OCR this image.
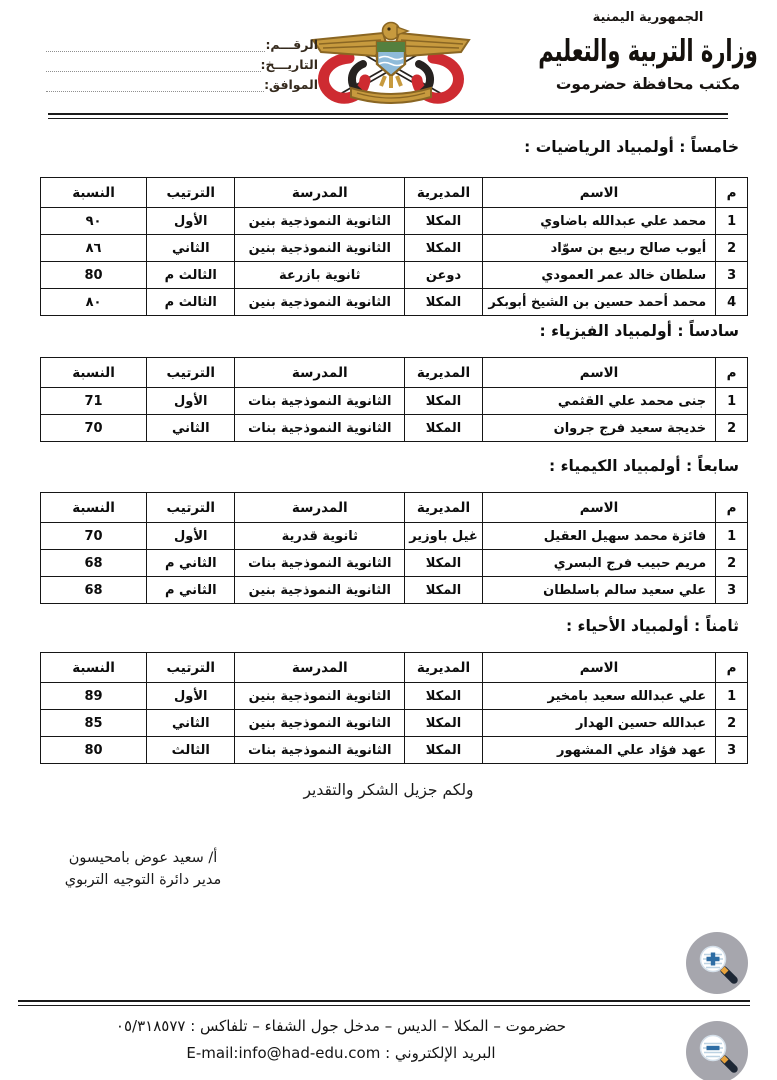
الجمهورية اليمنية
وزارة التربية والتعليم
مكتب محافظة حضرموت
الرقـــم:
التاريـــخ:
الموافق:
خامساً : أولمبياد الرياضيات :
م	الاسم	المديرية	المدرسة	الترتيب	النسبة
1	محمد علي عبدالله باضاوي	المكلا	الثانوية النموذجية بنين	الأول	٩٠
2	أيوب صالح ربيع بن سوّاد	المكلا	الثانوية النموذجية بنين	الثاني	٨٦
3	سلطان خالد عمر العمودي	دوعن	ثانوية بازرعة	الثالث م	80
4	محمد أحمد حسين بن الشيخ أبوبكر	المكلا	الثانوية النموذجية بنين	الثالث م	٨٠
سادساً : أولمبياد الفيزياء :
م	الاسم	المديرية	المدرسة	الترتيب	النسبة
1	جنى محمد علي القثمي	المكلا	الثانوية النموذجية بنات	الأول	71
2	خديجة سعيد فرج جروان	المكلا	الثانوية النموذجية بنات	الثاني	70
سابعاً : أولمبياد الكيمياء :
م	الاسم	المديرية	المدرسة	الترتيب	النسبة
1	فائزة محمد سهيل العقيل	غيل باوزير	ثانوية قدرية	الأول	70
2	مريم حبيب فرج البسري	المكلا	الثانوية النموذجية بنات	الثاني م	68
3	علي سعيد سالم باسلطان	المكلا	الثانوية النموذجية بنين	الثاني م	68
ثامناً : أولمبياد الأحياء :
م	الاسم	المديرية	المدرسة	الترتيب	النسبة
1	علي عبدالله سعيد بامخير	المكلا	الثانوية النموذجية بنين	الأول	89
2	عبدالله حسين الهدار	المكلا	الثانوية النموذجية بنين	الثاني	85
3	عهد فؤاد علي المشهور	المكلا	الثانوية النموذجية بنات	الثالث	80
ولكم جزيل الشكر والتقدير
أ/ سعيد عوض بامحيسون
مدير دائرة التوجيه التربوي
حضرموت – المكلا – الديس – مدخل جول الشفاء – تلفاكس : ٠٥/٣١٨٥٧٧
البريد الإلكتروني : E-mail:info@had-edu.com
